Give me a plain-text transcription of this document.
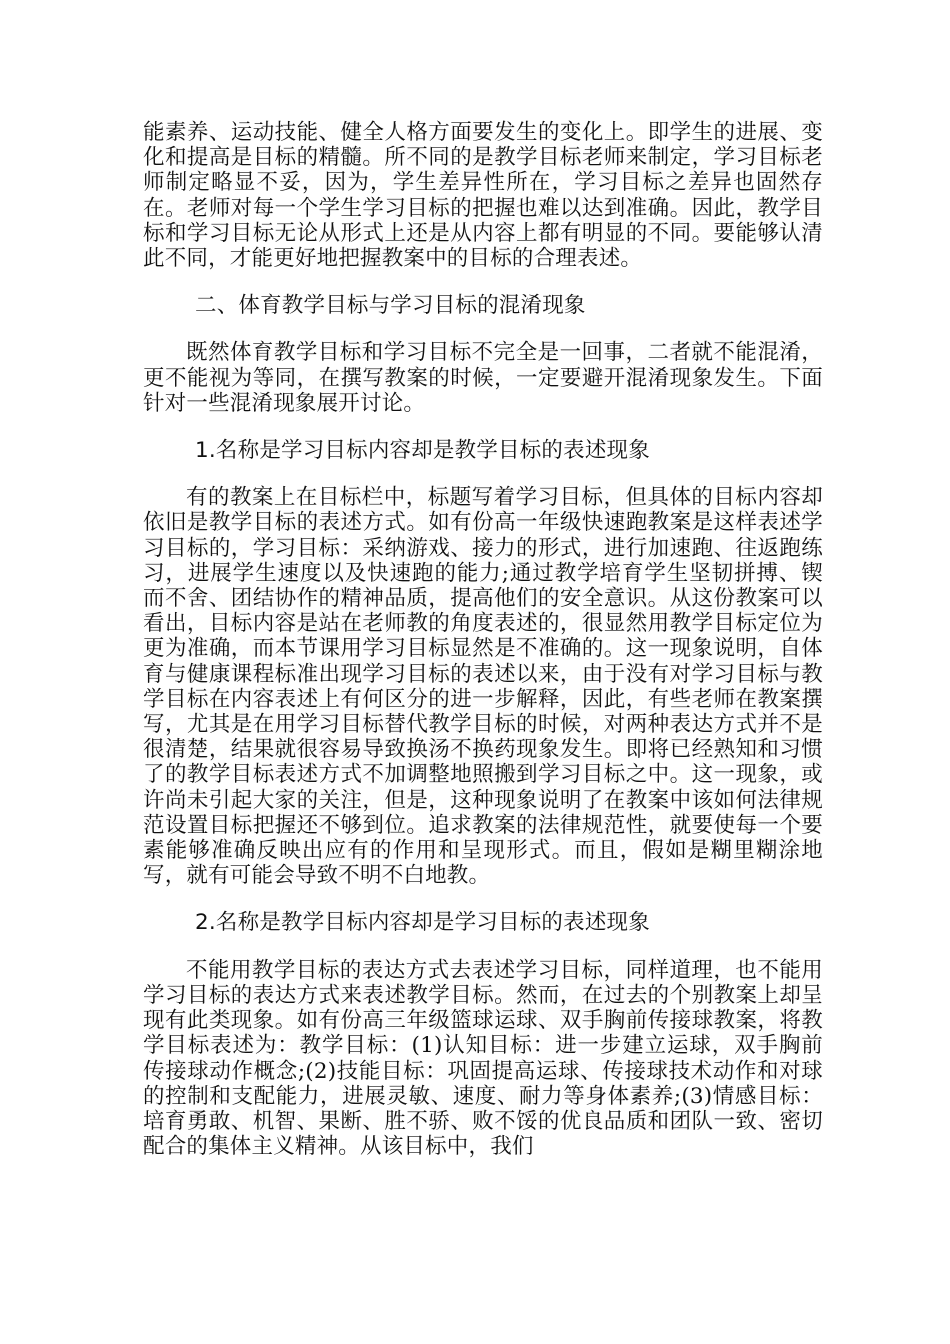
能素养、运动技能、健全人格方面要发生的变化上。即学生的进展、变化和提高是目标的精髓。所不同的是教学目标老师来制定，学习目标老师制定略显不妥，因为，学生差异性所在，学习目标之差异也固然存在。老师对每一个学生学习目标的把握也难以达到准确。因此，教学目标和学习目标无论从形式上还是从内容上都有明显的不同。要能够认清此不同，才能更好地把握教案中的目标的合理表述。

二、体育教学目标与学习目标的混淆现象

既然体育教学目标和学习目标不完全是一回事，二者就不能混淆，更不能视为等同，在撰写教案的时候，一定要避开混淆现象发生。下面针对一些混淆现象展开讨论。

1.名称是学习目标内容却是教学目标的表述现象

有的教案上在目标栏中，标题写着学习目标，但具体的目标内容却依旧是教学目标的表述方式。如有份高一年级快速跑教案是这样表述学习目标的，学习目标：采纳游戏、接力的形式，进行加速跑、往返跑练习，进展学生速度以及快速跑的能力;通过教学培育学生坚韧拼搏、锲而不舍、团结协作的精神品质，提高他们的安全意识。从这份教案可以看出，目标内容是站在老师教的角度表述的，很显然用教学目标定位为更为准确，而本节课用学习目标显然是不准确的。这一现象说明，自体育与健康课程标准出现学习目标的表述以来，由于没有对学习目标与教学目标在内容表述上有何区分的进一步解释，因此，有些老师在教案撰写，尤其是在用学习目标替代教学目标的时候，对两种表达方式并不是很清楚，结果就很容易导致换汤不换药现象发生。即将已经熟知和习惯了的教学目标表述方式不加调整地照搬到学习目标之中。这一现象，或许尚未引起大家的关注，但是，这种现象说明了在教案中该如何法律规范设置目标把握还不够到位。追求教案的法律规范性，就要使每一个要素能够准确反映出应有的作用和呈现形式。而且，假如是糊里糊涂地写，就有可能会导致不明不白地教。

2.名称是教学目标内容却是学习目标的表述现象

不能用教学目标的表达方式去表述学习目标，同样道理，也不能用学习目标的表达方式来表述教学目标。然而，在过去的个别教案上却呈现有此类现象。如有份高三年级篮球运球、双手胸前传接球教案，将教学目标表述为：教学目标：(1)认知目标：进一步建立运球，双手胸前传接球动作概念;(2)技能目标：巩固提高运球、传接球技术动作和对球的控制和支配能力，进展灵敏、速度、耐力等身体素养;(3)情感目标：培育勇敢、机智、果断、胜不骄、败不馁的优良品质和团队一致、密切配合的集体主义精神。从该目标中，我们
